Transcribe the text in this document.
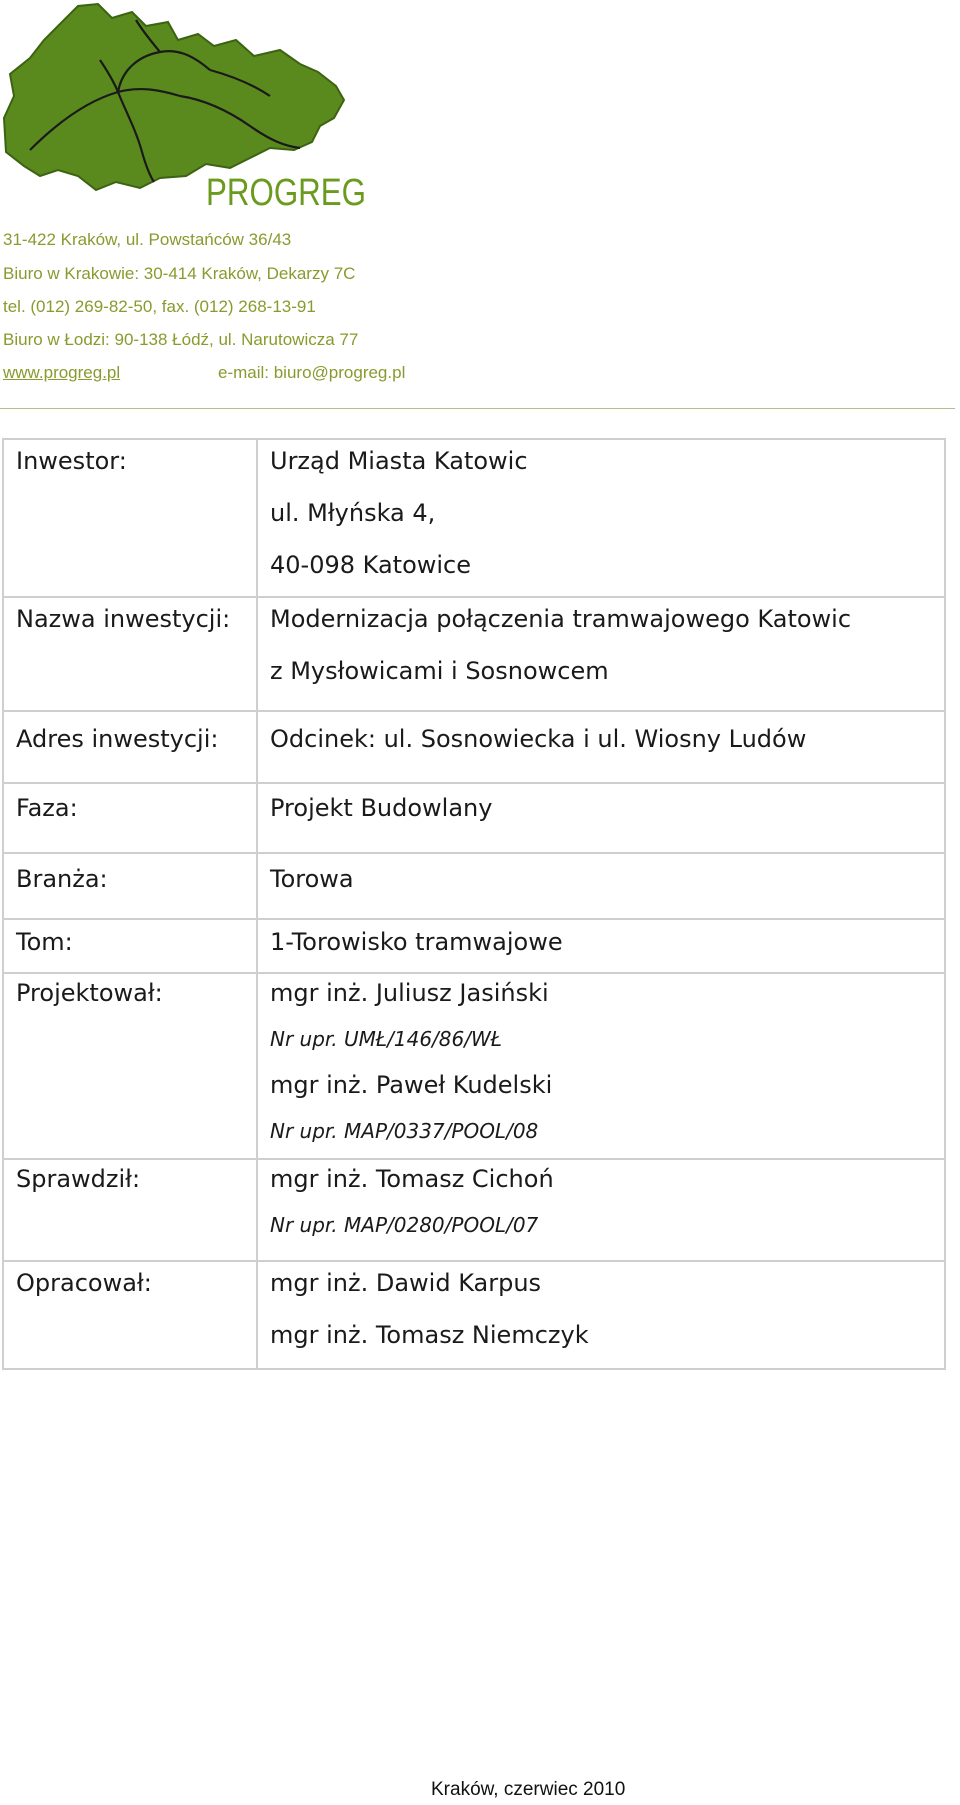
PROGREG
31-422 Kraków, ul. Powstańców 36/43
Biuro w Krakowie: 30-414 Kraków, Dekarzy 7C
tel. (012) 269-82-50, fax. (012) 268-13-91
Biuro w Łodzi: 90-138 Łódź, ul. Narutowicza 77
www.progreg.pl	e-mail: biuro@progreg.pl
Inwestor:	Urząd Miasta Katowic
ul. Młyńska 4,
40-098 Katowice

Nazwa inwestycji:	Modernizacja połączenia tramwajowego Katowic
z Mysłowicami i Sosnowcem

Adres inwestycji:	Odcinek: ul. Sosnowiecka i ul. Wiosny Ludów

Faza:	Projekt Budowlany

Branża:	Torowa

Tom:	1-Torowisko tramwajowe

Projektował:	mgr inż. Juliusz Jasiński
Nr upr. UMŁ/146/86/WŁ
mgr inż. Paweł Kudelski
Nr upr. MAP/0337/POOL/08

Sprawdził:	mgr inż. Tomasz Cichoń
Nr upr. MAP/0280/POOL/07

Opracował:	mgr inż. Dawid Karpus
mgr inż. Tomasz Niemczyk
Kraków, czerwiec 2010
